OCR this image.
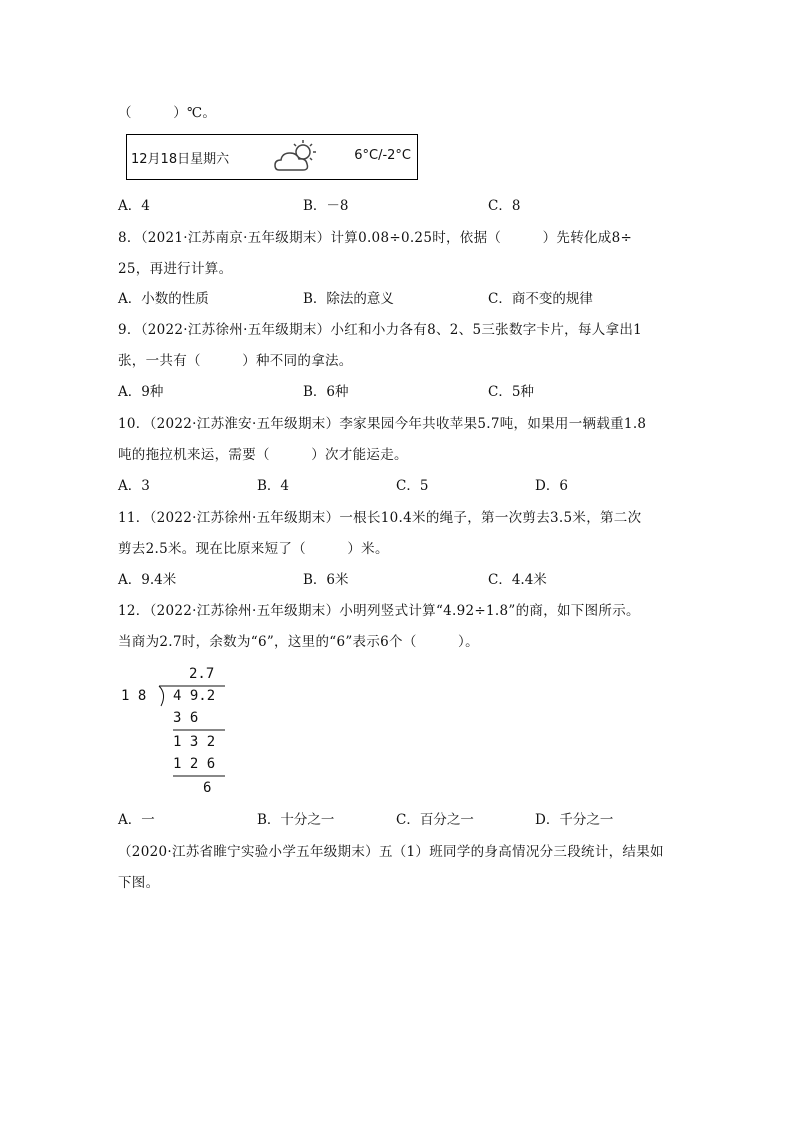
（　　　）℃。
12月18日星期六	6°C/-2°C
A．4	B．－8	C．8
8．（2021·江苏南京·五年级期末）计算0.08÷0.25时，依据（　　　）先转化成8÷
25，再进行计算。
A．小数的性质	B．除法的意义	C．商不变的规律
9．（2022·江苏徐州·五年级期末）小红和小力各有8、2、5三张数字卡片，每人拿出1
张，一共有（　　　）种不同的拿法。
A．9种	B．6种	C．5种
10．（2022·江苏淮安·五年级期末）李家果园今年共收苹果5.7吨，如果用一辆载重1.8
吨的拖拉机来运，需要（　　　）次才能运走。
A．3	B．4	C．5	D．6
11．（2022·江苏徐州·五年级期末）一根长10.4米的绳子，第一次剪去3.5米，第二次
剪去2.5米。现在比原来短了（　　　）米。
A．9.4米	B．6米	C．4.4米
12．（2022·江苏徐州·五年级期末）小明列竖式计算“4.92÷1.8”的商，如下图所示。
当商为2.7时，余数为“6”，这里的“6”表示6个（　　　）。
2.7
1 8 4 9.2
3 6
1 3 2
1 2 6
6
A．一	B．十分之一	C．百分之一	D．千分之一
（2020·江苏省睢宁实验小学五年级期末）五（1）班同学的身高情况分三段统计，结果如
下图。
